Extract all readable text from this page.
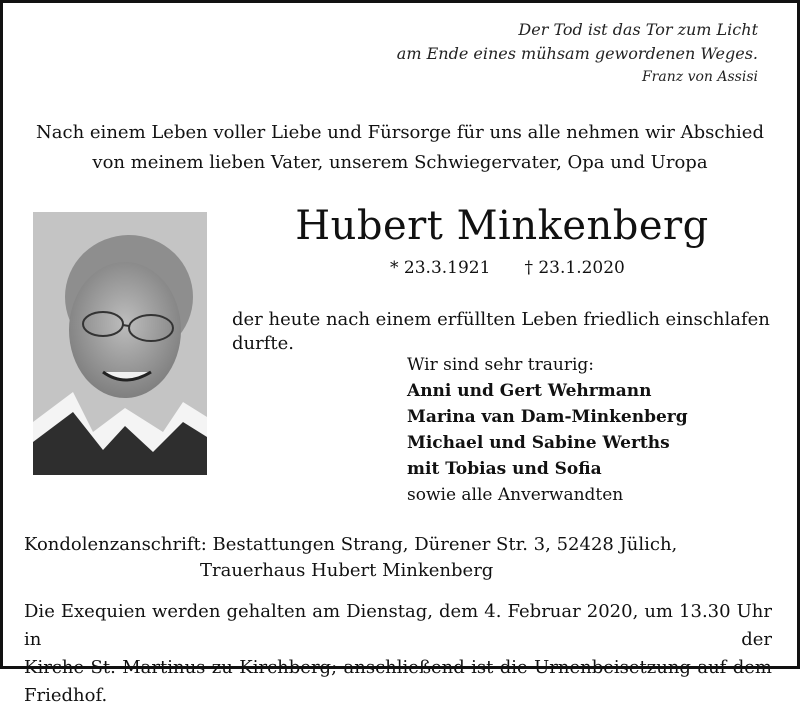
Der Tod ist das Tor zum Licht
am Ende eines mühsam gewordenen Weges.
Franz von Assisi
Nach einem Leben voller Liebe und Fürsorge für uns alle nehmen wir Abschied
von meinem lieben Vater, unserem Schwiegervater, Opa und Uropa
Hubert Minkenberg
* 23.3.1921 † 23.1.2020
der heute nach einem erfüllten Leben friedlich einschlafen durfte.
Wir sind sehr traurig:
Anni und Gert Wehrmann
Marina van Dam-Minkenberg
Michael und Sabine Werths
mit Tobias und Sofia
sowie alle Anverwandten
Kondolenzanschrift: Bestattungen Strang, Dürener Str. 3, 52428 Jülich,
Trauerhaus Hubert Minkenberg
Die Exequien werden gehalten am Dienstag, dem 4. Februar 2020, um 13.30 Uhr in der
Kirche St. Martinus zu Kirchberg; anschließend ist die Urnenbeisetzung auf dem Friedhof.
